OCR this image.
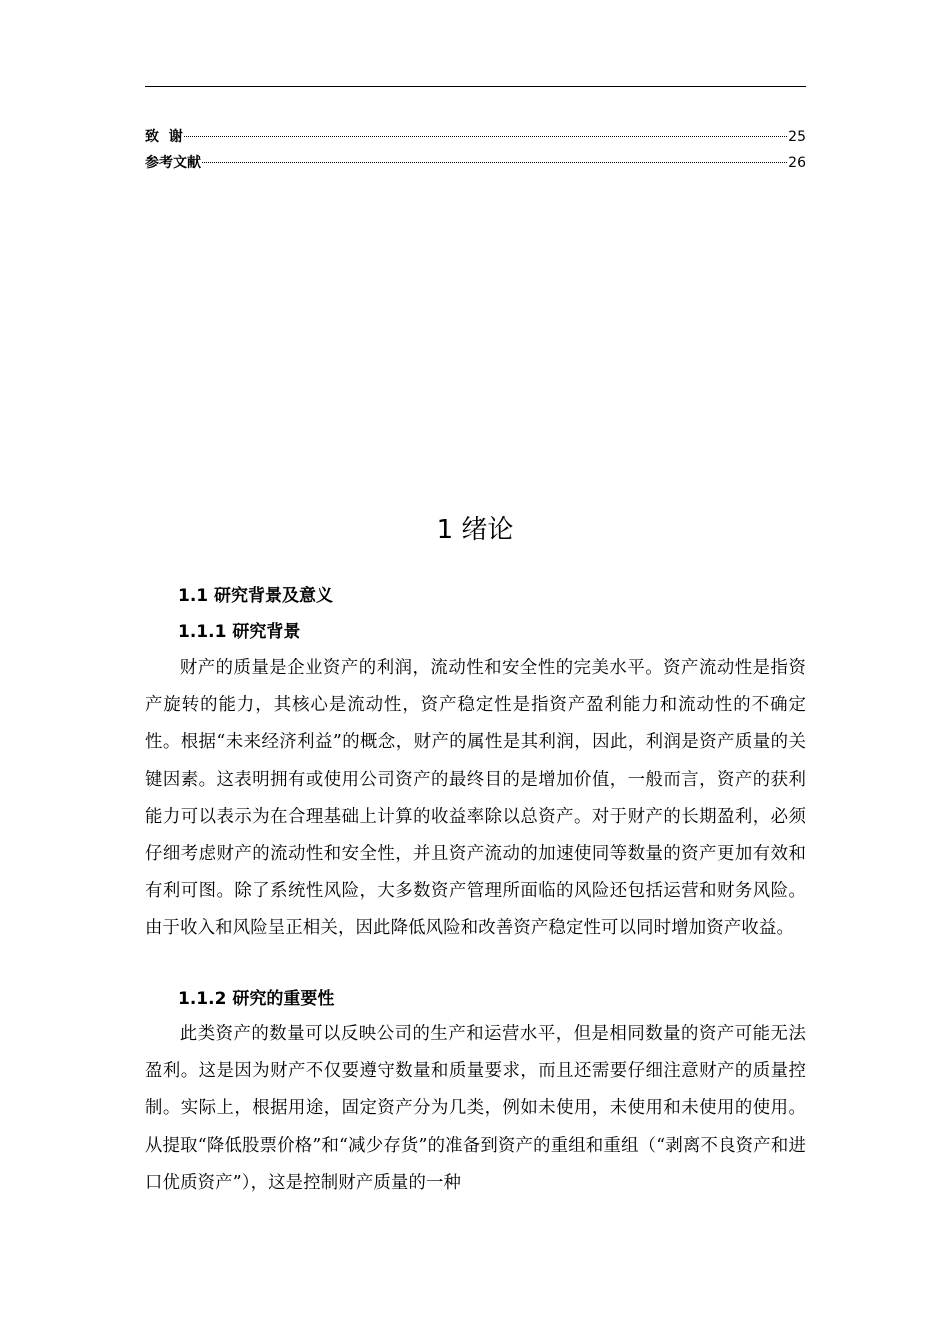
致  谢	25
参考文献	26
1 绪论
1.1 研究背景及意义
1.1.1 研究背景
财产的质量是企业资产的利润，流动性和安全性的完美水平。资产流动性是指资产旋转的能力，其核心是流动性，资产稳定性是指资产盈利能力和流动性的不确定性。根据“未来经济利益”的概念，财产的属性是其利润，因此，利润是资产质量的关键因素。这表明拥有或使用公司资产的最终目的是增加价值，一般而言，资产的获利能力可以表示为在合理基础上计算的收益率除以总资产。对于财产的长期盈利，必须仔细考虑财产的流动性和安全性，并且资产流动的加速使同等数量的资产更加有效和有利可图。除了系统性风险，大多数资产管理所面临的风险还包括运营和财务风险。由于收入和风险呈正相关，因此降低风险和改善资产稳定性可以同时增加资产收益。
1.1.2 研究的重要性
此类资产的数量可以反映公司的生产和运营水平，但是相同数量的资产可能无法盈利。这是因为财产不仅要遵守数量和质量要求，而且还需要仔细注意财产的质量控制。实际上，根据用途，固定资产分为几类，例如未使用，未使用和未使用的使用。从提取“降低股票价格”和“减少存货”的准备到资产的重组和重组（“剥离不良资产和进口优质资产”），这是控制财产质量的一种
